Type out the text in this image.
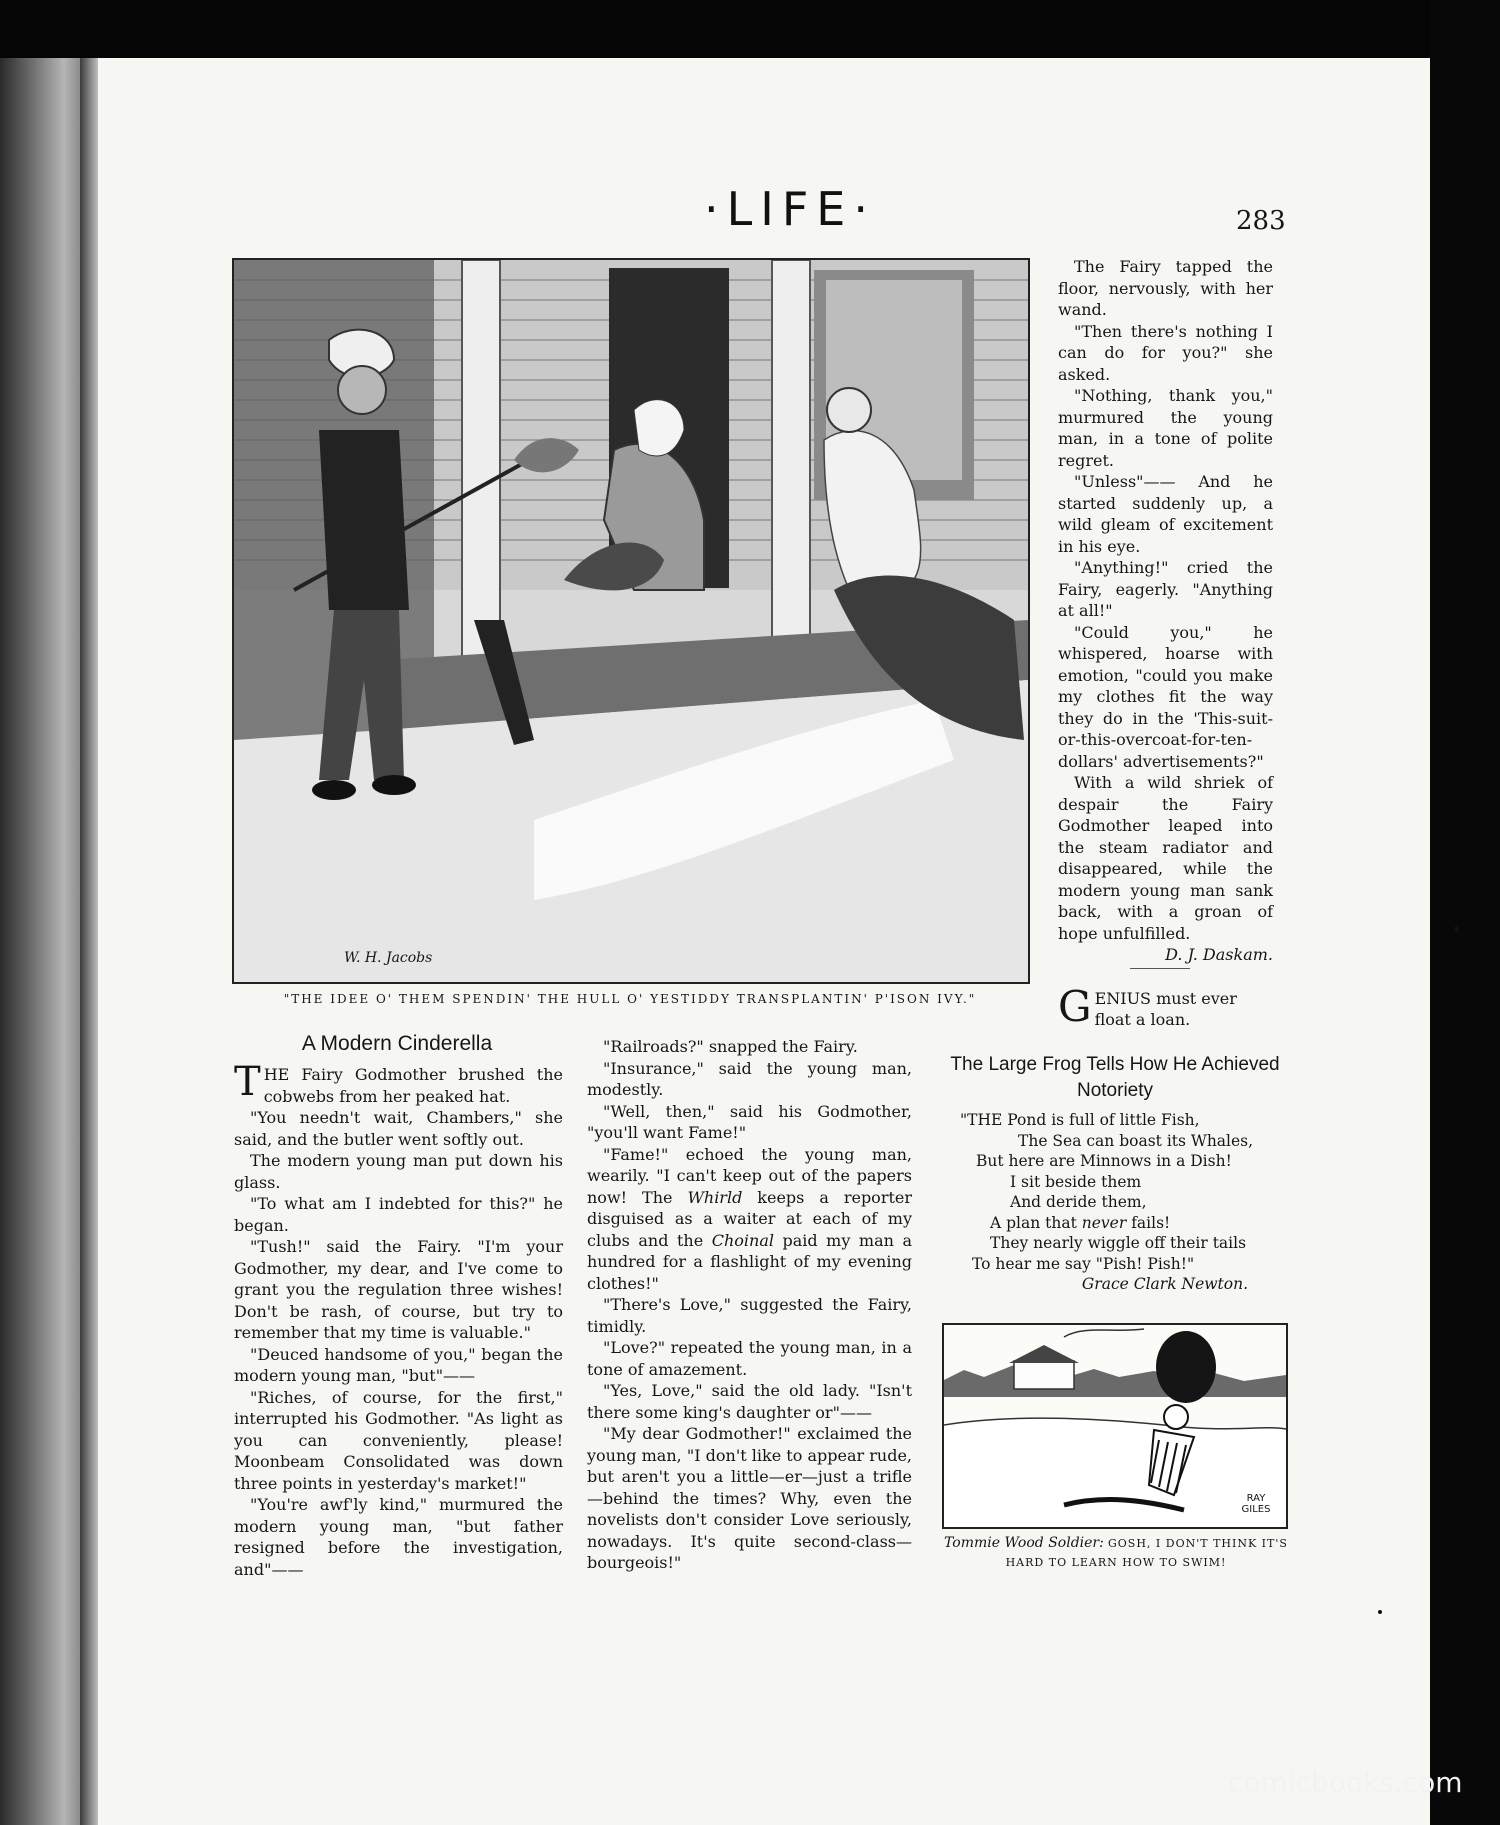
·LIFE·	283
W. H. Jacobs
"THE IDEE O' THEM SPENDIN' THE HULL O' YESTIDDY TRANSPLANTIN' P'ISON IVY."
A Modern Cinderella

THE Fairy Godmother brushed the cobwebs from her peaked hat.

"You needn't wait, Chambers," she said, and the butler went softly out.

The modern young man put down his glass.

"To what am I indebted for this?" he began.

"Tush!" said the Fairy. "I'm your Godmother, my dear, and I've come to grant you the regulation three wishes! Don't be rash, of course, but try to remember that my time is valuable."

"Deuced handsome of you," began the modern young man, "but"——

"Riches, of course, for the first," interrupted his Godmother. "As light as you can conveniently, please! Moonbeam Consolidated was down three points in yesterday's market!"

"You're awf'ly kind," murmured the modern young man, "but father resigned before the investigation, and"——

"Railroads?" snapped the Fairy.

"Insurance," said the young man, modestly.

"Well, then," said his Godmother, "you'll want Fame!"

"Fame!" echoed the young man, wearily. "I can't keep out of the papers now! The Whirld keeps a reporter disguised as a waiter at each of my clubs and the Choinal paid my man a hundred for a flashlight of my evening clothes!"

"There's Love," suggested the Fairy, timidly.

"Love?" repeated the young man, in a tone of amazement.

"Yes, Love," said the old lady. "Isn't there some king's daughter or"——

"My dear Godmother!" exclaimed the young man, "I don't like to appear rude, but aren't you a little—er—just a trifle—behind the times? Why, even the novelists don't consider Love seriously, nowadays. It's quite second-class—bourgeois!"

The Fairy tapped the floor, nervously, with her wand.

"Then there's nothing I can do for you?" she asked.

"Nothing, thank you," murmured the young man, in a tone of polite regret.

"Unless"—— And he started suddenly up, a wild gleam of excitement in his eye.

"Anything!" cried the Fairy, eagerly. "Anything at all!"

"Could you," he whispered, hoarse with emotion, "could you make my clothes fit the way they do in the 'This-suit-or-this-overcoat-for-ten-dollars' advertisements?"

With a wild shriek of despair the Fairy Godmother leaped into the steam radiator and disappeared, while the modern young man sank back, with a groan of hope unfulfilled.

D. J. Daskam.

GENIUS must ever float a loan.
The Large Frog Tells How He Achieved Notoriety
"THE Pond is full of little Fish,
The Sea can boast its Whales,
But here are Minnows in a Dish!
I sit beside them
And deride them,
A plan that never fails!
They nearly wiggle off their tails
To hear me say "Pish! Pish!"
Grace Clark Newton.
RAY GILES
Tommie Wood Soldier: GOSH, I DON'T THINK IT'S HARD TO LEARN HOW TO SWIM!
comicbooks.com
